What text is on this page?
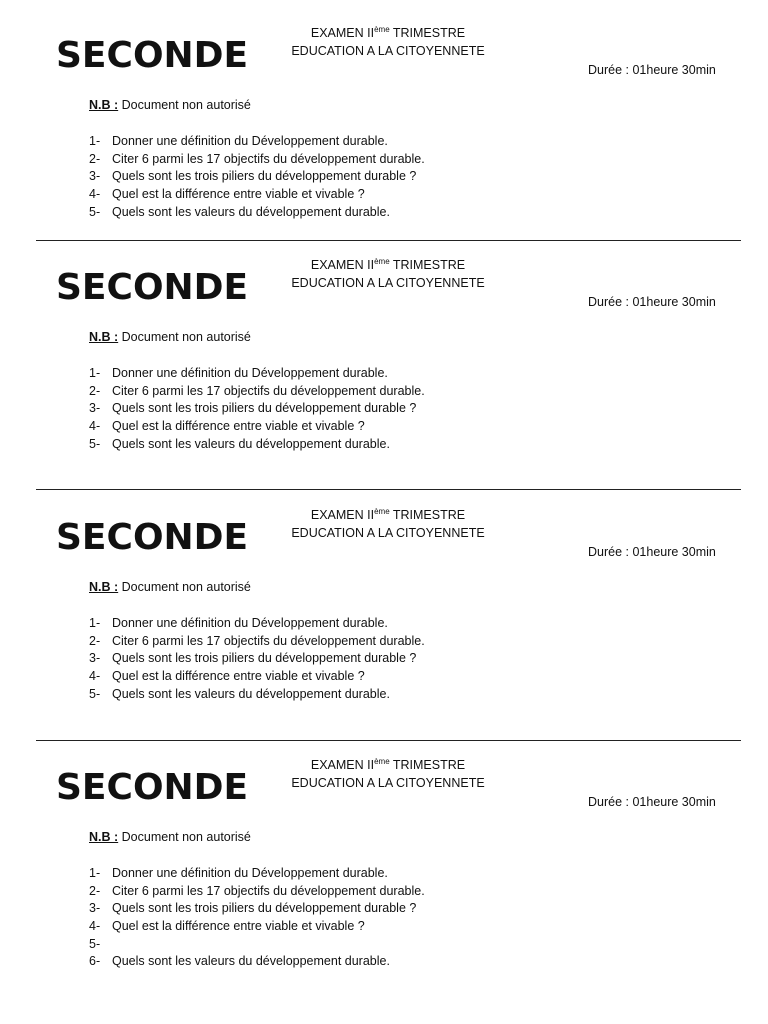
SECONDE
EXAMEN IIème TRIMESTRE
EDUCATION A LA CITOYENNETE
Durée : 01heure 30min
N.B : Document non autorisé
1- Donner une définition du Développement durable.
2- Citer 6 parmi les 17 objectifs du développement durable.
3- Quels sont les trois piliers du développement durable ?
4- Quel est la différence entre viable et vivable ?
5- Quels sont les valeurs du développement durable.
SECONDE
EXAMEN IIème TRIMESTRE
EDUCATION A LA CITOYENNETE
Durée : 01heure 30min
N.B : Document non autorisé
1- Donner une définition du Développement durable.
2- Citer 6 parmi les 17 objectifs du développement durable.
3- Quels sont les trois piliers du développement durable ?
4- Quel est la différence entre viable et vivable ?
5- Quels sont les valeurs du développement durable.
SECONDE
EXAMEN IIème TRIMESTRE
EDUCATION A LA CITOYENNETE
Durée : 01heure 30min
N.B : Document non autorisé
1- Donner une définition du Développement durable.
2- Citer 6 parmi les 17 objectifs du développement durable.
3- Quels sont les trois piliers du développement durable ?
4- Quel est la différence entre viable et vivable ?
5- Quels sont les valeurs du développement durable.
SECONDE
EXAMEN IIème TRIMESTRE
EDUCATION A LA CITOYENNETE
Durée : 01heure 30min
N.B : Document non autorisé
1- Donner une définition du Développement durable.
2- Citer 6 parmi les 17 objectifs du développement durable.
3- Quels sont les trois piliers du développement durable ?
4- Quel est la différence entre viable et vivable ?
5-
6- Quels sont les valeurs du développement durable.
